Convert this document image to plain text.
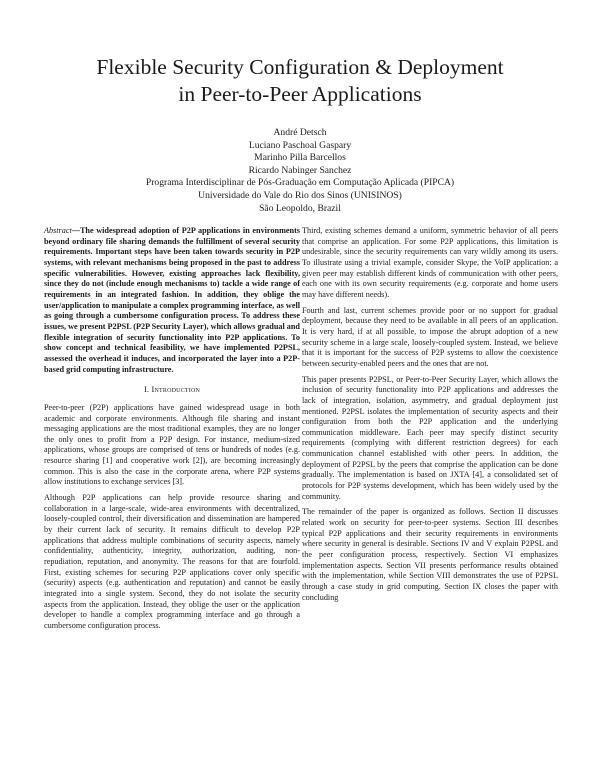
Flexible Security Configuration & Deployment
in Peer-to-Peer Applications
André Detsch
Luciano Paschoal Gaspary
Marinho Pilla Barcellos
Ricardo Nabinger Sanchez
Programa Interdisciplinar de Pós-Graduação em Computação Aplicada (PIPCA)
Universidade do Vale do Rio dos Sinos (UNISINOS)
São Leopoldo, Brazil

Abstract—The widespread adoption of P2P applications in environments beyond ordinary file sharing demands the fulfillment of several security requirements. Important steps have been taken towards security in P2P systems, with relevant mechanisms being proposed in the past to address specific vulnerabilities. However, existing approaches lack flexibility, since they do not (include enough mechanisms to) tackle a wide range of requirements in an integrated fashion. In addition, they oblige the user/application to manipulate a complex programming interface, as well as going through a cumbersome configuration process. To address these issues, we present P2PSL (P2P Security Layer), which allows gradual and flexible integration of security functionality into P2P applications. To show concept and technical feasibility, we have implemented P2PSL, assessed the overhead it induces, and incorporated the layer into a P2P-based grid computing infrastructure.

I. Introduction

Peer-to-peer (P2P) applications have gained widespread usage in both academic and corporate environments. Although file sharing and instant messaging applications are the most traditional examples, they are no longer the only ones to profit from a P2P design. For instance, medium-sized applications, whose groups are comprised of tens or hundreds of nodes (e.g. resource sharing [1] and cooperative work [2]), are becoming increasingly common. This is also the case in the corporate arena, where P2P systems allow institutions to exchange services [3].

Although P2P applications can help provide resource sharing and collaboration in a large-scale, wide-area environments with decentralized, loosely-coupled control, their diversification and dissemination are hampered by their current lack of security. It remains difficult to develop P2P applications that address multiple combinations of security aspects, namely confidentiality, authenticity, integrity, authorization, auditing, non-repudiation, reputation, and anonymity. The reasons for that are fourfold. First, existing schemes for securing P2P applications cover only specific (security) aspects (e.g. authentication and reputation) and cannot be easily integrated into a single system. Second, they do not isolate the security aspects from the application. Instead, they oblige the user or the application developer to handle a complex programming interface and go through a cumbersome configuration process.

Third, existing schemes demand a uniform, symmetric behavior of all peers that comprise an application. For some P2P applications, this limitation is undesirable, since the security requirements can vary wildly among its users. To illustrate using a trivial example, consider Skype, the VoIP application: a given peer may establish different kinds of communication with other peers, each one with its own security requirements (e.g. corporate and home users may have different needs).

Fourth and last, current schemes provide poor or no support for gradual deployment, because they need to be available in all peers of an application. It is very hard, if at all possible, to impose the abrupt adoption of a new security scheme in a large scale, loosely-coupled system. Instead, we believe that it is important for the success of P2P systems to allow the coexistence between security-enabled peers and the ones that are not.

This paper presents P2PSL, or Peer-to-Peer Security Layer, which allows the inclusion of security functionality into P2P applications and addresses the lack of integration, isolation, asymmetry, and gradual deployment just mentioned. P2PSL isolates the implementation of security aspects and their configuration from both the P2P application and the underlying communication middleware. Each peer may specify distinct security requirements (complying with different restriction degrees) for each communication channel established with other peers. In addition, the deployment of P2PSL by the peers that comprise the application can be done gradually. The implementation is based on JXTA [4], a consolidated set of protocols for P2P systems development, which has been widely used by the community.

The remainder of the paper is organized as follows. Section II discusses related work on security for peer-to-peer systems. Section III describes typical P2P applications and their security requirements in environments where security in general is desirable. Sections IV and V explain P2PSL and the peer configuration process, respectively. Section VI emphasizes implementation aspects. Section VII presents performance results obtained with the implementation, while Section VIII demonstrates the use of P2PSL through a case study in grid computing. Section IX closes the paper with concluding
